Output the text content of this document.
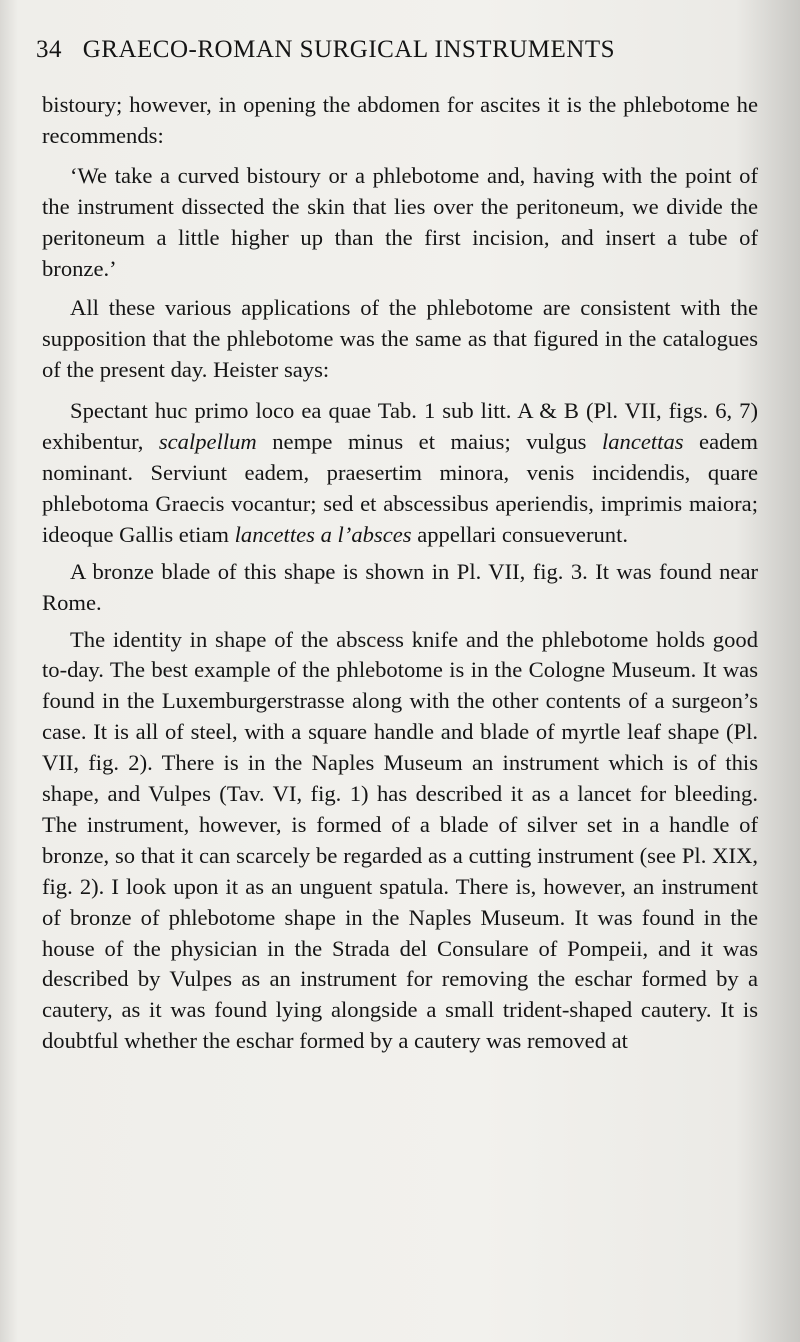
34 GRAECO-ROMAN SURGICAL INSTRUMENTS

bistoury; however, in opening the abdomen for ascites it is the phlebotome he recommends:

‘We take a curved bistoury or a phlebotome and, having with the point of the instrument dissected the skin that lies over the peritoneum, we divide the peritoneum a little higher up than the first incision, and insert a tube of bronze.’

All these various applications of the phlebotome are consistent with the supposition that the phlebotome was the same as that figured in the catalogues of the present day. Heister says:

Spectant huc primo loco ea quae Tab. 1 sub litt. A & B (Pl. VII, figs. 6, 7) exhibentur, scalpellum nempe minus et maius; vulgus lancettas eadem nominant. Serviunt eadem, praesertim minora, venis incidendis, quare phlebotoma Graecis vocantur; sed et abscessibus aperiendis, imprimis maiora; ideoque Gallis etiam lancettes a l’absces appellari consueverunt.

A bronze blade of this shape is shown in Pl. VII, fig. 3. It was found near Rome.

The identity in shape of the abscess knife and the phlebotome holds good to-day. The best example of the phlebotome is in the Cologne Museum. It was found in the Luxemburgerstrasse along with the other contents of a surgeon’s case. It is all of steel, with a square handle and blade of myrtle leaf shape (Pl. VII, fig. 2). There is in the Naples Museum an instrument which is of this shape, and Vulpes (Tav. VI, fig. 1) has described it as a lancet for bleeding. The instrument, however, is formed of a blade of silver set in a handle of bronze, so that it can scarcely be regarded as a cutting instrument (see Pl. XIX, fig. 2). I look upon it as an unguent spatula. There is, however, an instrument of bronze of phlebotome shape in the Naples Museum. It was found in the house of the physician in the Strada del Consulare of Pompeii, and it was described by Vulpes as an instrument for removing the eschar formed by a cautery, as it was found lying alongside a small trident-shaped cautery. It is doubtful whether the eschar formed by a cautery was removed at
